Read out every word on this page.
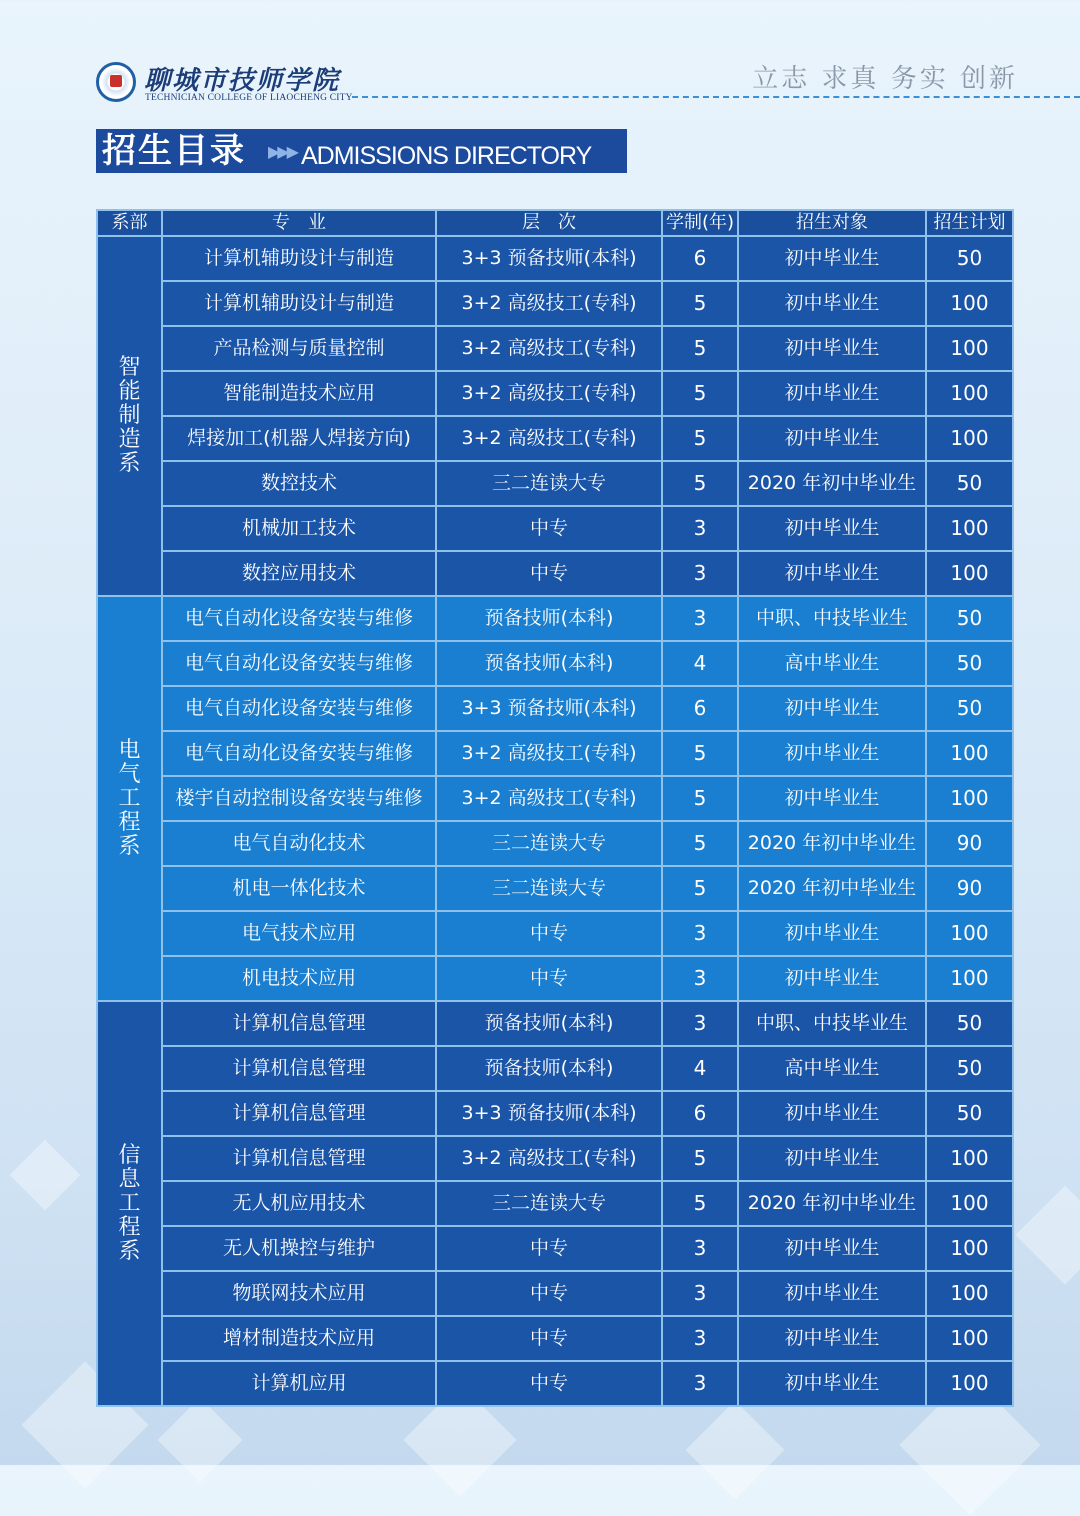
聊城市技师学院
TECHNICIAN COLLEGE OF LIAOCHENG CITY
立志 求真 务实 创新
招生目录 ▶▶▶ ADMISSIONS DIRECTORY
系部	专　业	层　次	学制(年)	招生对象	招生计划
智能制造系	计算机辅助设计与制造	3+3 预备技师(本科)	6	初中毕业生	50
	计算机辅助设计与制造	3+2 高级技工(专科)	5	初中毕业生	100
	产品检测与质量控制	3+2 高级技工(专科)	5	初中毕业生	100
	智能制造技术应用	3+2 高级技工(专科)	5	初中毕业生	100
	焊接加工(机器人焊接方向)	3+2 高级技工(专科)	5	初中毕业生	100
	数控技术	三二连读大专	5	2020 年初中毕业生	50
	机械加工技术	中专	3	初中毕业生	100
	数控应用技术	中专	3	初中毕业生	100
电气工程系	电气自动化设备安装与维修	预备技师(本科)	3	中职、中技毕业生	50
	电气自动化设备安装与维修	预备技师(本科)	4	高中毕业生	50
	电气自动化设备安装与维修	3+3 预备技师(本科)	6	初中毕业生	50
	电气自动化设备安装与维修	3+2 高级技工(专科)	5	初中毕业生	100
	楼宇自动控制设备安装与维修	3+2 高级技工(专科)	5	初中毕业生	100
	电气自动化技术	三二连读大专	5	2020 年初中毕业生	90
	机电一体化技术	三二连读大专	5	2020 年初中毕业生	90
	电气技术应用	中专	3	初中毕业生	100
	机电技术应用	中专	3	初中毕业生	100
信息工程系	计算机信息管理	预备技师(本科)	3	中职、中技毕业生	50
	计算机信息管理	预备技师(本科)	4	高中毕业生	50
	计算机信息管理	3+3 预备技师(本科)	6	初中毕业生	50
	计算机信息管理	3+2 高级技工(专科)	5	初中毕业生	100
	无人机应用技术	三二连读大专	5	2020 年初中毕业生	100
	无人机操控与维护	中专	3	初中毕业生	100
	物联网技术应用	中专	3	初中毕业生	100
	增材制造技术应用	中专	3	初中毕业生	100
	计算机应用	中专	3	初中毕业生	100
